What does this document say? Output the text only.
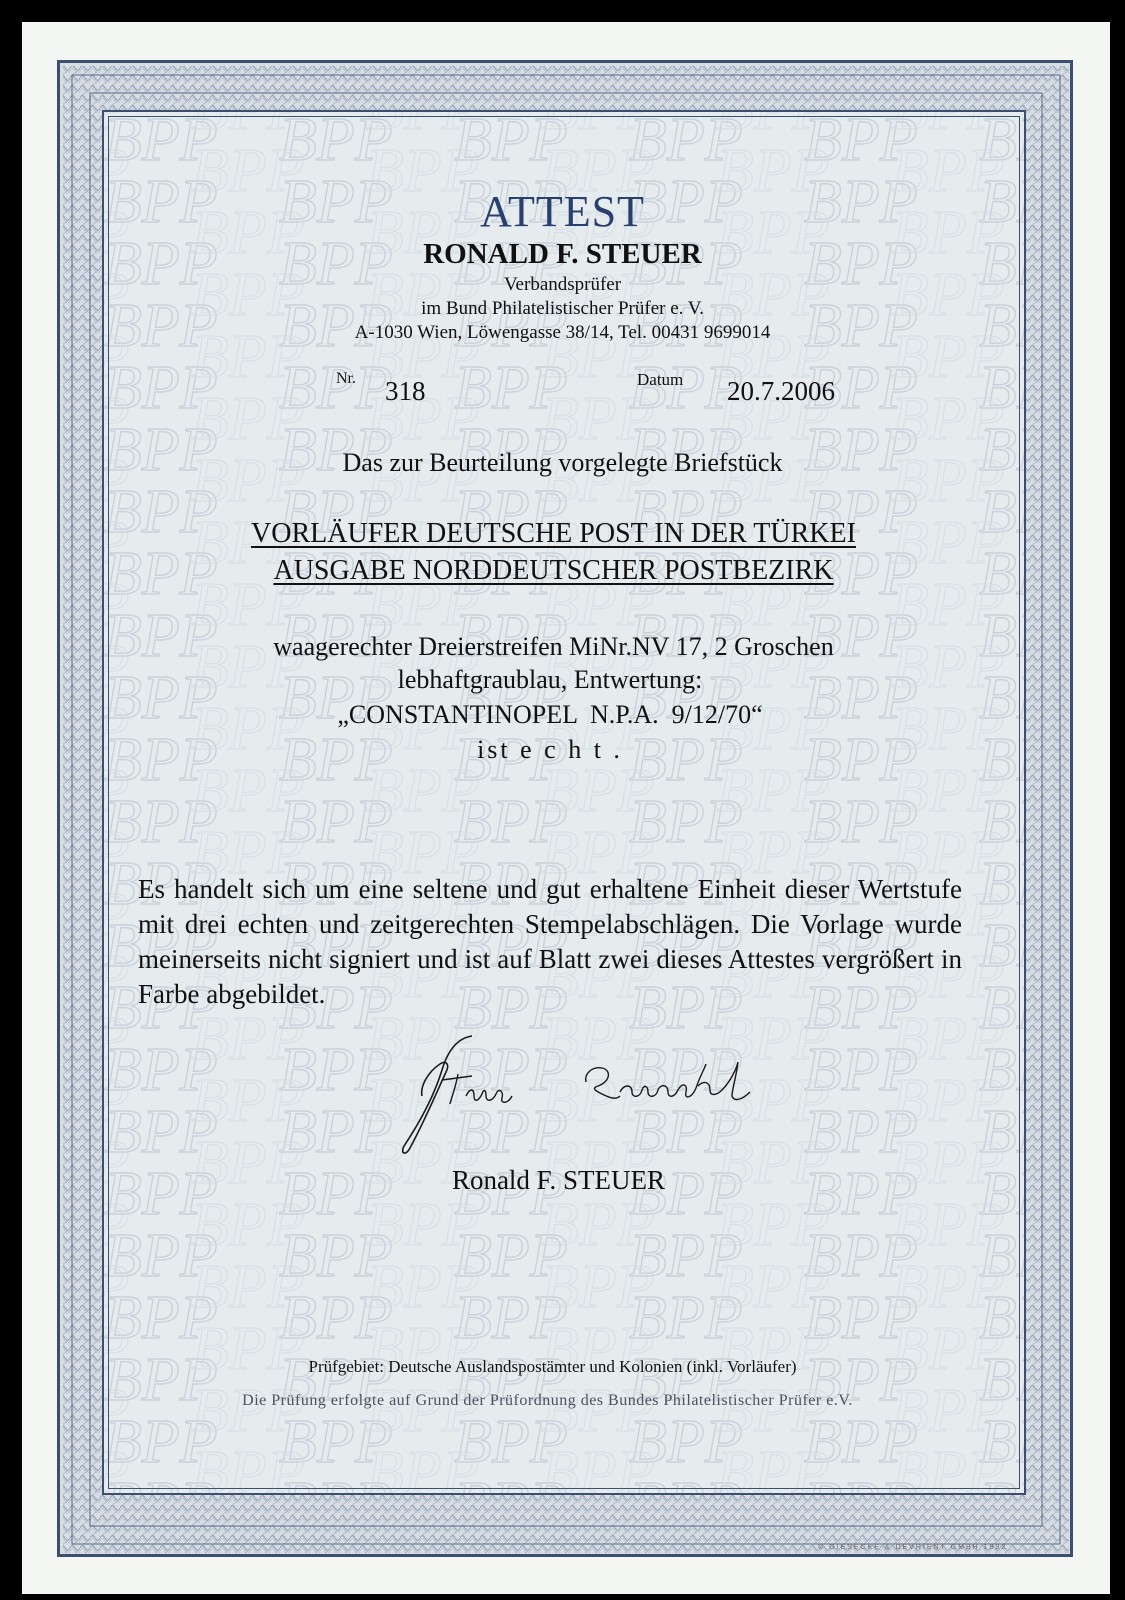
ATTEST
RONALD F. STEUER
Verbandsprüfer
im Bund Philatelistischer Prüfer e. V.
A-1030 Wien, Löwengasse 38/14, Tel. 00431 9699014
Nr. 318	Datum 20.7.2006
Das zur Beurteilung vorgelegte Briefstück
VORLÄUFER DEUTSCHE POST IN DER TÜRKEI
AUSGABE NORDDEUTSCHER POSTBEZIRK
waagerechter Dreierstreifen MiNr.NV 17, 2 Groschen
lebhaftgraublau, Entwertung:
„CONSTANTINOPEL  N.P.A.  9/12/70“
ist e c h t .
Es handelt sich um eine seltene und gut erhaltene Einheit dieser Wertstufe mit drei echten und zeitgerechten Stempelabschlägen. Die Vorlage wurde meinerseits nicht signiert und ist auf Blatt zwei dieses Attestes vergrößert in Farbe abgebildet.
Steuer Ronald
Ronald F. STEUER
Prüfgebiet: Deutsche Auslandspostämter und Kolonien (inkl. Vorläufer)
Die Prüfung erfolgte auf Grund der Prüfordnung des Bundes Philatelistischer Prüfer e.V.
© GIESECKE & DEVRIENT GMBH 1992
